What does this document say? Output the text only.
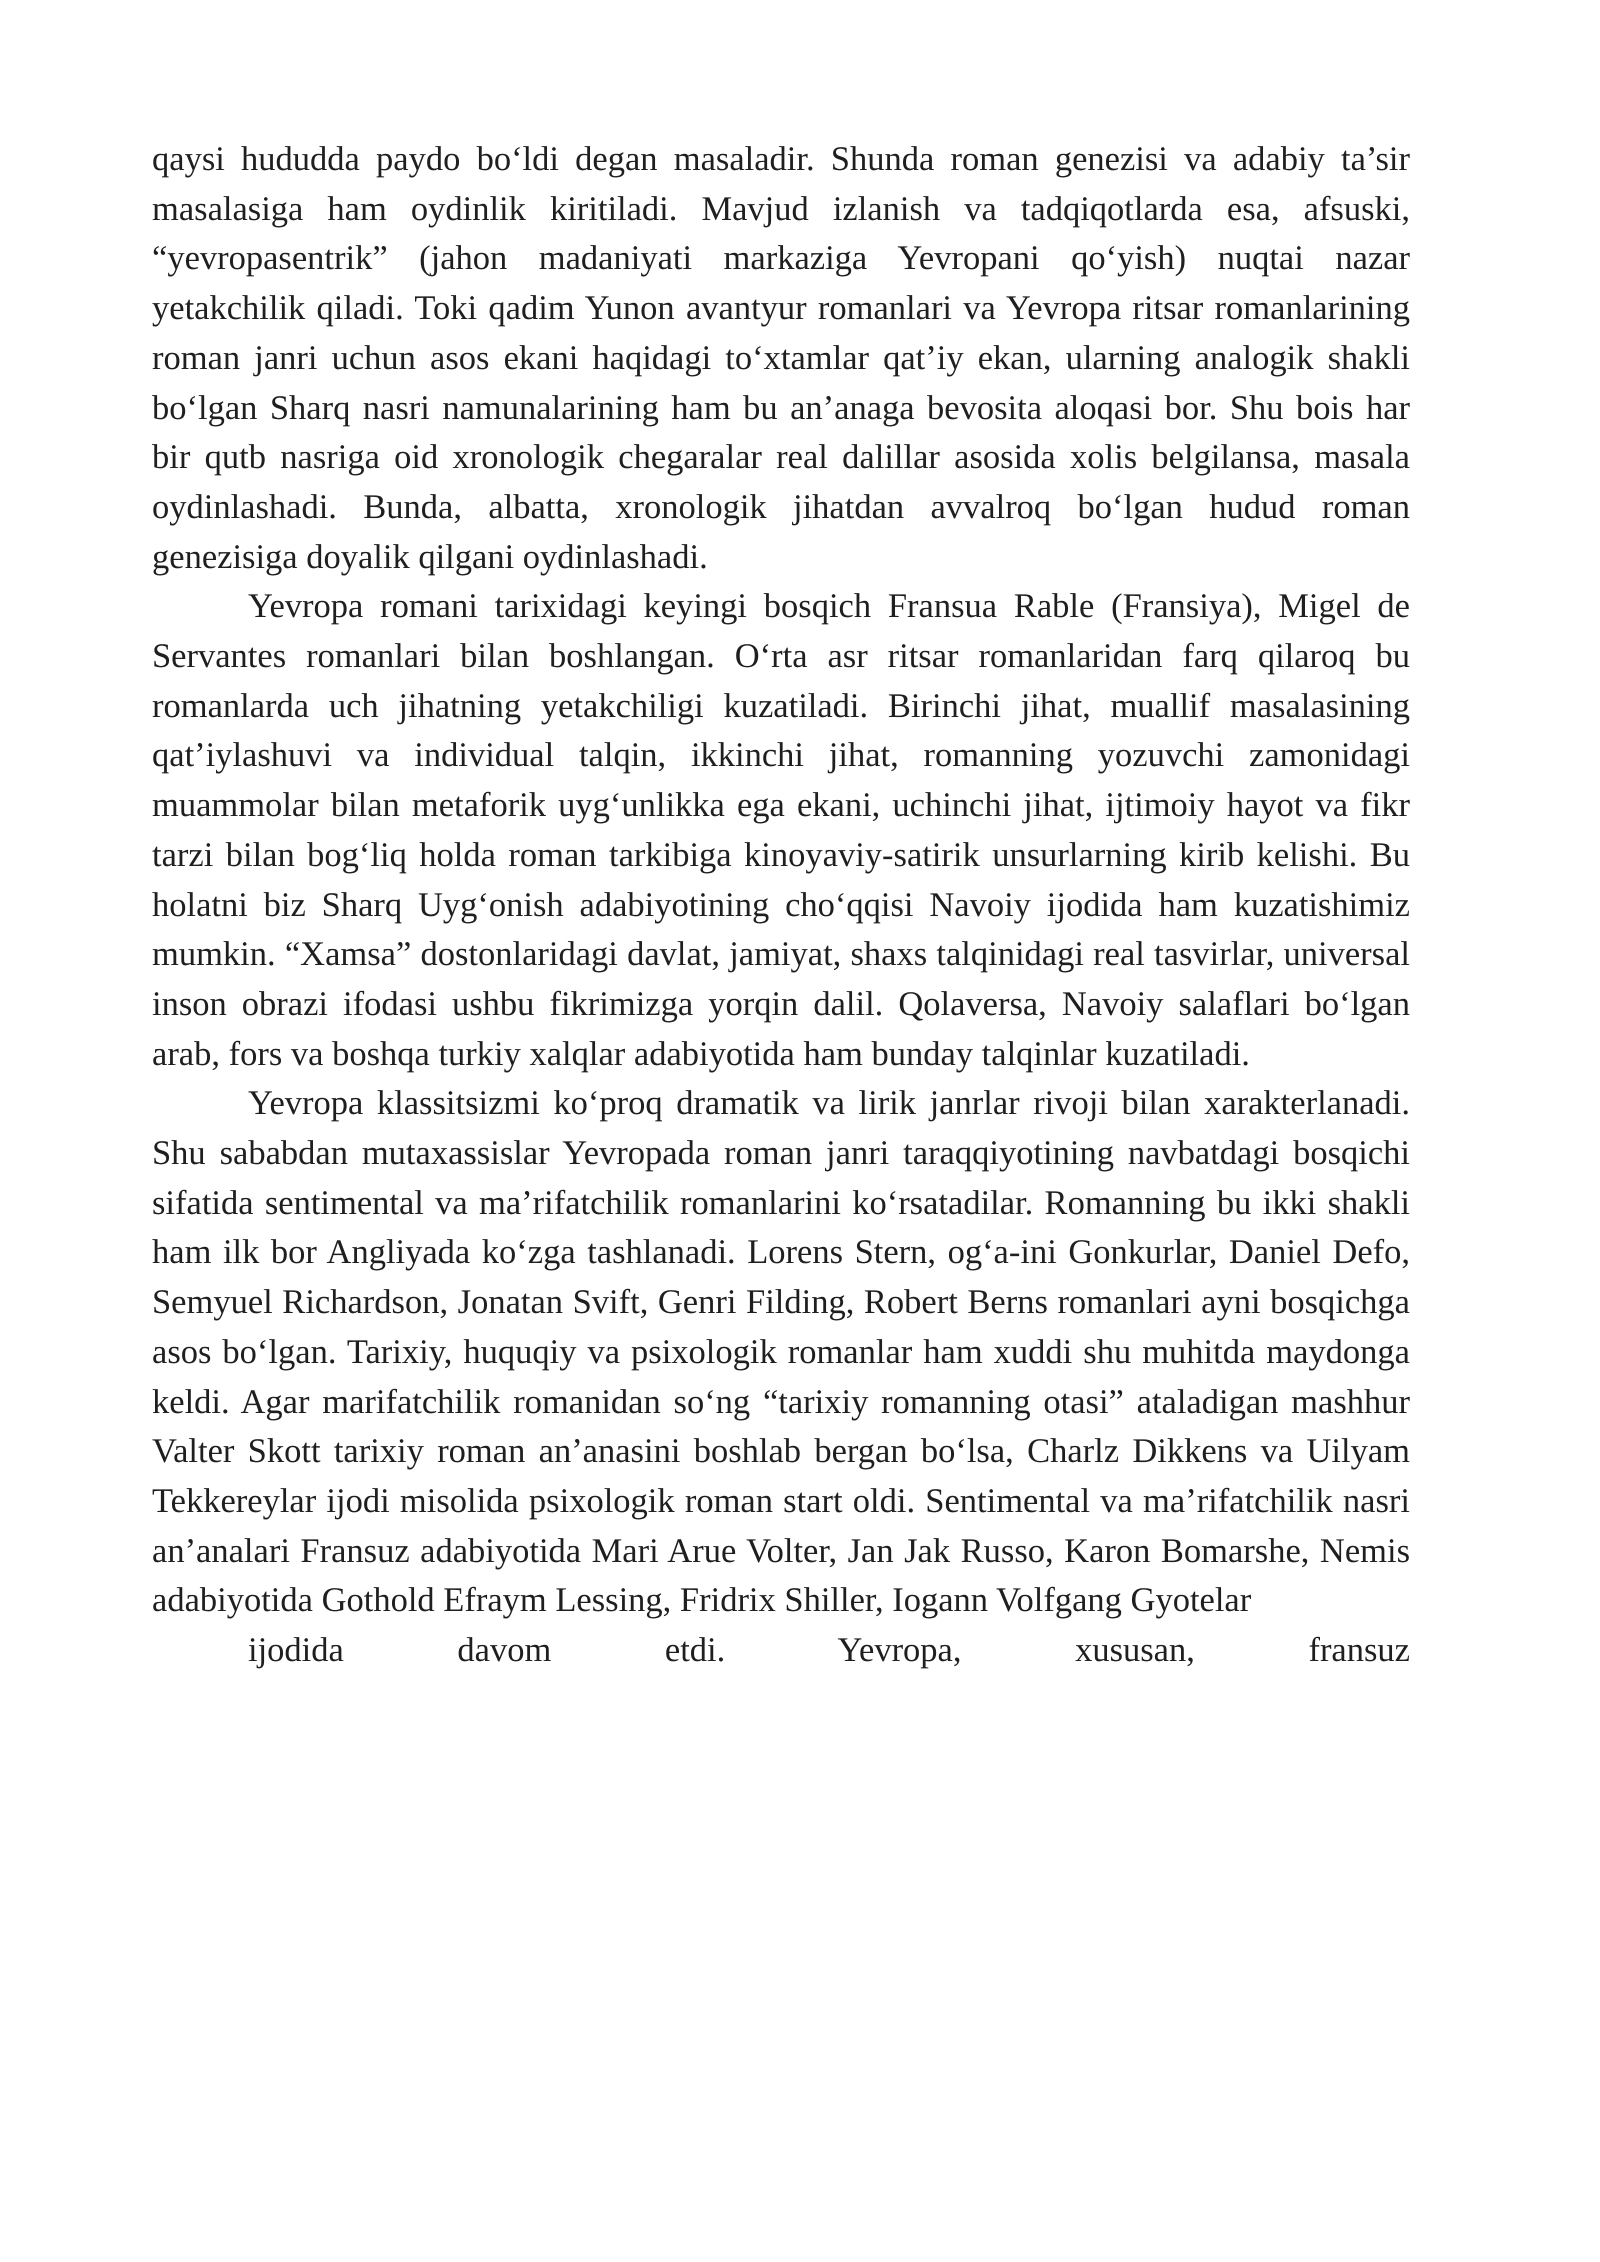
qaysi hududda paydo bo‘ldi degan masaladir. Shunda roman genezisi va adabiy ta’sir masalasiga ham oydinlik kiritiladi. Mavjud izlanish va tadqiqotlarda esa, afsuski, “yevropasentrik” (jahon madaniyati markaziga Yevropani qo‘yish) nuqtai nazar yetakchilik qiladi. Toki qadim Yunon avantyur romanlari va Yevropa ritsar romanlarining roman janri uchun asos ekani haqidagi to‘xtamlar qat’iy ekan, ularning analogik shakli bo‘lgan Sharq nasri namunalarining ham bu an’anaga bevosita aloqasi bor. Shu bois har bir qutb nasriga oid xronologik chegaralar real dalillar asosida xolis belgilansa, masala oydinlashadi. Bunda, albatta, xronologik jihatdan avvalroq bo‘lgan hudud roman genezisiga doyalik qilgani oydinlashadi.

Yevropa romani tarixidagi keyingi bosqich Fransua Rable (Fransiya), Migel de Servantes romanlari bilan boshlangan. O‘rta asr ritsar romanlaridan farq qilaroq bu romanlarda uch jihatning yetakchiligi kuzatiladi. Birinchi jihat, muallif masalasining qat’iylashuvi va individual talqin, ikkinchi jihat, romanning yozuvchi zamonidagi muammolar bilan metaforik uyg‘unlikka ega ekani, uchinchi jihat, ijtimoiy hayot va fikr tarzi bilan bog‘liq holda roman tarkibiga kinoyaviy-satirik unsurlarning kirib kelishi. Bu holatni biz Sharq Uyg‘onish adabiyotining cho‘qqisi Navoiy ijodida ham kuzatishimiz mumkin. “Xamsa” dostonlaridagi davlat, jamiyat, shaxs talqinidagi real tasvirlar, universal inson obrazi ifodasi ushbu fikrimizga yorqin dalil. Qolaversa, Navoiy salaflari bo‘lgan arab, fors va boshqa turkiy xalqlar adabiyotida ham bunday talqinlar kuzatiladi.

Yevropa klassitsizmi ko‘proq dramatik va lirik janrlar rivoji bilan xarakterlanadi. Shu sababdan mutaxassislar Yevropada roman janri taraqqiyotining navbatdagi bosqichi sifatida sentimental va ma’rifatchilik romanlarini ko‘rsatadilar. Romanning bu ikki shakli ham ilk bor Angliyada ko‘zga tashlanadi. Lorens Stern, og‘a-ini Gonkurlar, Daniel Defo, Semyuel Richardson, Jonatan Svift, Genri Filding, Robert Berns romanlari ayni bosqichga asos bo‘lgan. Tarixiy, huquqiy va psixologik romanlar ham xuddi shu muhitda maydonga keldi. Agar marifatchilik romanidan so‘ng “tarixiy romanning otasi” ataladigan mashhur Valter Skott tarixiy roman an’anasini boshlab bergan bo‘lsa, Charlz Dikkens va Uilyam Tekkereylar ijodi misolida psixologik roman start oldi. Sentimental va ma’rifatchilik nasri an’analari Fransuz adabiyotida Mari Arue Volter, Jan Jak Russo, Karon Bomarshe, Nemis adabiyotida Gothold Efraym Lessing, Fridrix Shiller, Iogann Volfgang Gyotelar
ijodida davom etdi. Yevropa, xususan, fransuz
